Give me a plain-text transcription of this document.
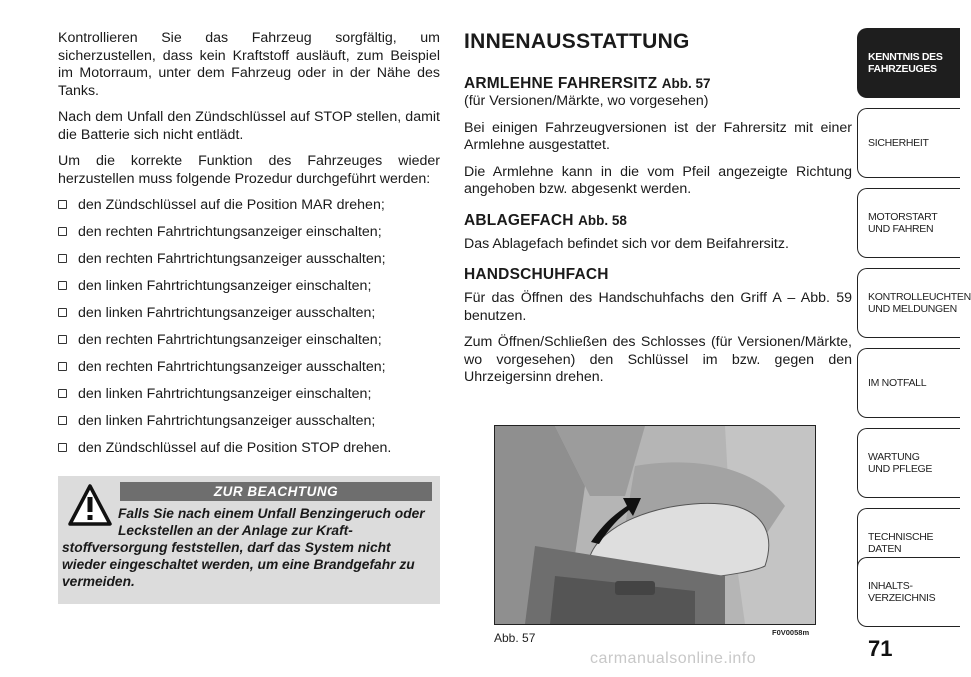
Kontrollieren Sie das Fahrzeug sorgfältig, um sicherzustellen, dass kein Kraftstoff ausläuft, zum Beispiel im Motorraum, unter dem Fahrzeug oder in der Nähe des Tanks.

Nach dem Unfall den Zündschlüssel auf STOP stellen, damit die Batterie sich nicht entlädt.

Um die korrekte Funktion des Fahrzeuges wieder herzustellen muss folgende Prozedur durchgeführt werden:

den Zündschlüssel auf die Position MAR drehen;
den rechten Fahrtrichtungsanzeiger einschalten;
den rechten Fahrtrichtungsanzeiger ausschalten;
den linken Fahrtrichtungsanzeiger einschalten;
den linken Fahrtrichtungsanzeiger ausschalten;
den rechten Fahrtrichtungsanzeiger einschalten;
den rechten Fahrtrichtungsanzeiger ausschalten;
den linken Fahrtrichtungsanzeiger einschalten;
den linken Fahrtrichtungsanzeiger ausschalten;
den Zündschlüssel auf die Position STOP drehen.
ZUR BEACHTUNG
Falls Sie nach einem Unfall Benzingeruch oder Leckstellen an der Anlage zur Kraft-
stoffversorgung feststellen, darf das System nicht wieder eingeschaltet werden, um eine Brandgefahr zu vermeiden.
INNENAUSSTATTUNG
ARMLEHNE FAHRERSITZ Abb. 57
(für Versionen/Märkte, wo vorgesehen)

Bei einigen Fahrzeugversionen ist der Fahrersitz mit einer Armlehne ausgestattet.

Die Armlehne kann in die vom Pfeil angezeigte Richtung angehoben bzw. abgesenkt werden.

ABLAGEFACH Abb. 58

Das Ablagefach befindet sich vor dem Beifahrersitz.

HANDSCHUHFACH

Für das Öffnen des Handschuhfachs den Griff A – Abb. 59 benutzen.

Zum Öffnen/Schließen des Schlosses (für Versionen/Märkte, wo vorgesehen) den Schlüssel im bzw. gegen den Uhrzeigersinn drehen.

F0V0058m
Abb. 57
KENNTNIS DES
FAHRZEUGES
SICHERHEIT
MOTORSTART
UND FAHREN
KONTROLLEUCHTEN
UND MELDUNGEN
IM NOTFALL
WARTUNG
UND PFLEGE
TECHNISCHE DATEN
INHALTS-
VERZEICHNIS
71
carmanualsonline.info
